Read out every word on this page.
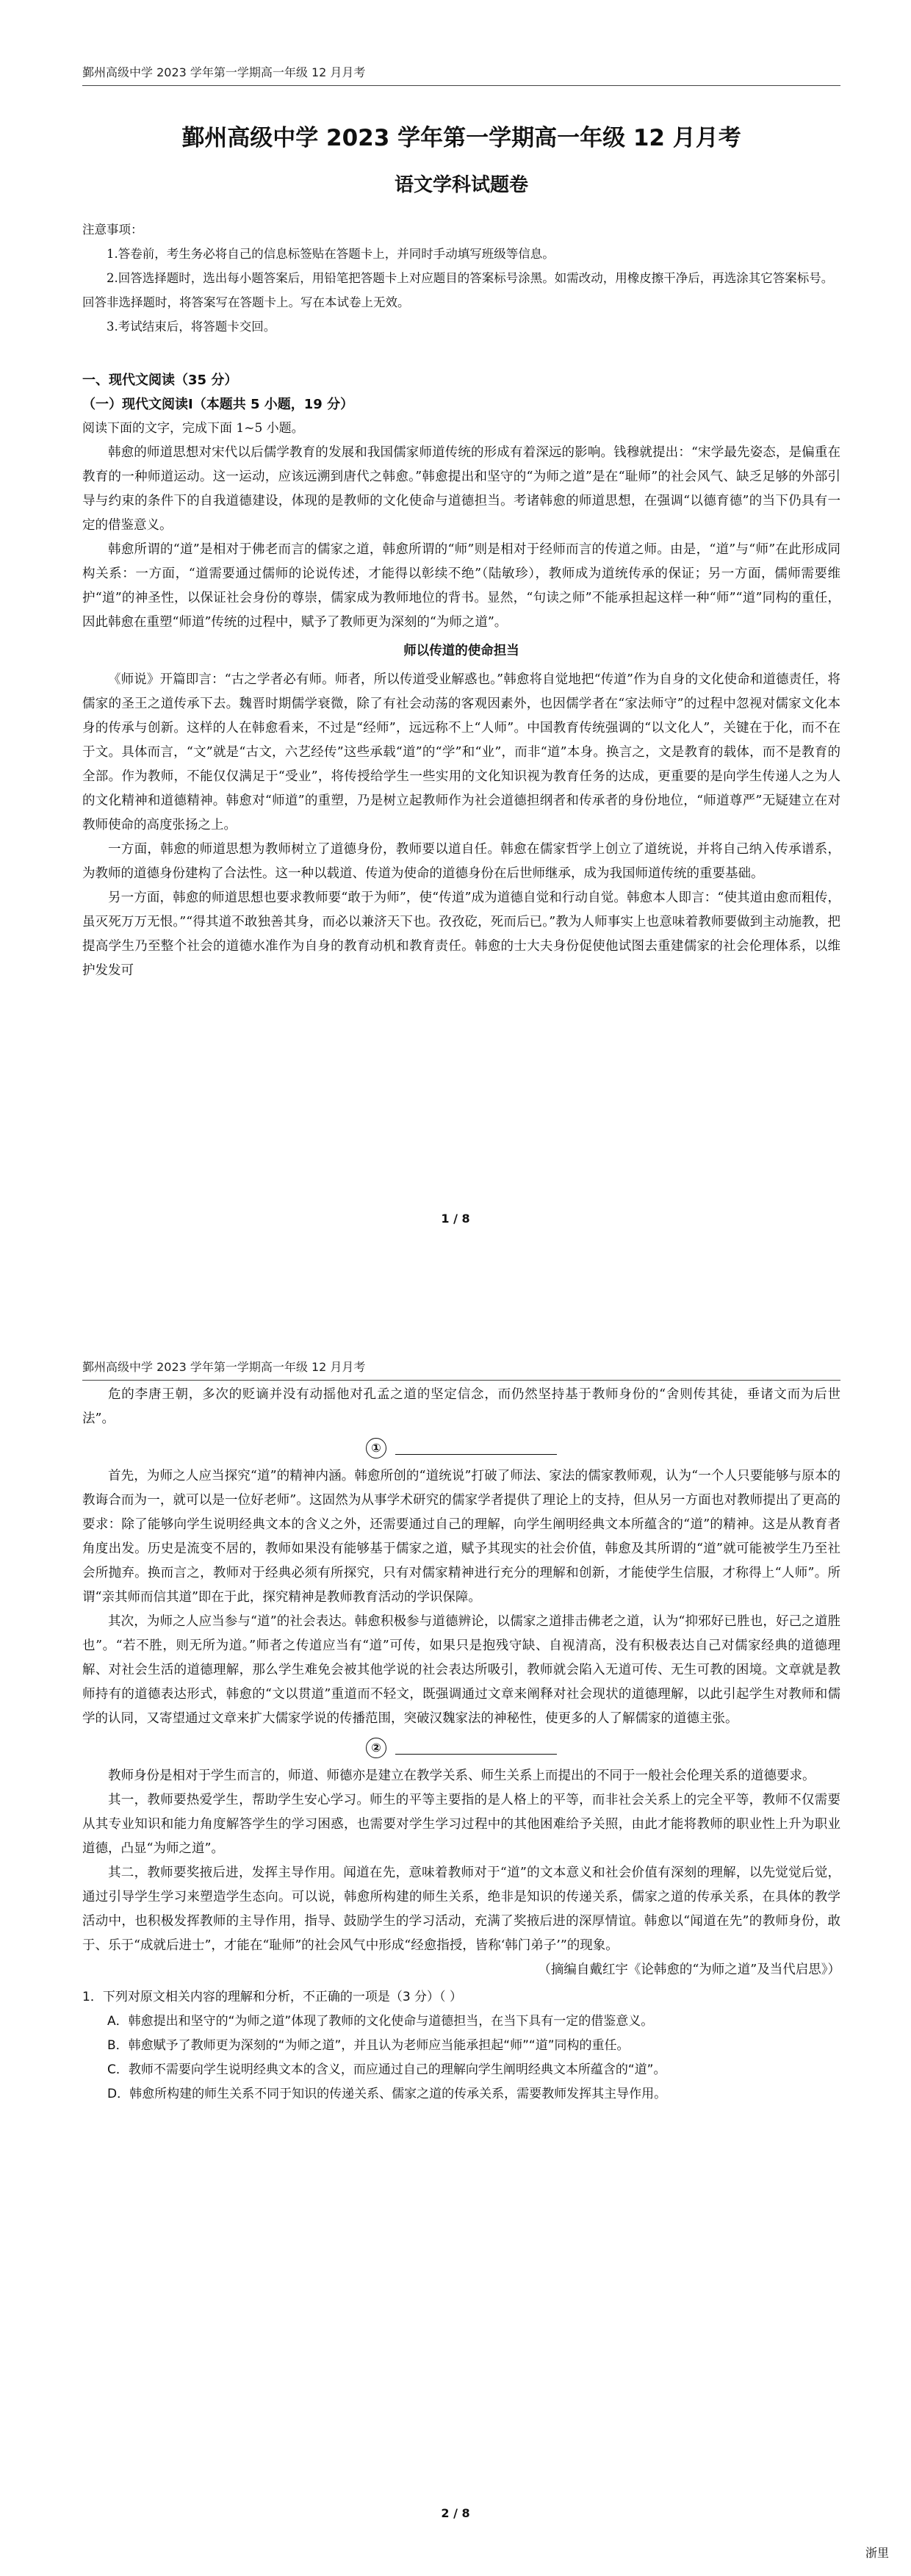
鄞州高级中学 2023 学年第一学期高一年级 12 月月考
鄞州高级中学 2023 学年第一学期高一年级 12 月月考
语文学科试题卷

注意事项：

1.答卷前，考生务必将自己的信息标签贴在答题卡上，并同时手动填写班级等信息。

2.回答选择题时，选出每小题答案后，用铅笔把答题卡上对应题目的答案标号涂黑。如需改动，用橡皮擦干净后，再选涂其它答案标号。回答非选择题时，将答案写在答题卡上。写在本试卷上无效。

3.考试结束后，将答题卡交回。

一、现代文阅读（35 分）
（一）现代文阅读Ⅰ（本题共 5 小题，19 分）

阅读下面的文字，完成下面 1~5 小题。

韩愈的师道思想对宋代以后儒学教育的发展和我国儒家师道传统的形成有着深远的影响。钱穆就提出：“宋学最先姿态，是偏重在教育的一种师道运动。这一运动，应该远溯到唐代之韩愈。”韩愈提出和坚守的“为师之道”是在“耻师”的社会风气、缺乏足够的外部引导与约束的条件下的自我道德建设，体现的是教师的文化使命与道德担当。考诸韩愈的师道思想，在强调“以德育德”的当下仍具有一定的借鉴意义。

韩愈所谓的“道”是相对于佛老而言的儒家之道，韩愈所谓的“师”则是相对于经师而言的传道之师。由是，“道”与“师”在此形成同构关系：一方面，“道需要通过儒师的论说传述，才能得以彰续不绝”（陆敏珍），教师成为道统传承的保证；另一方面，儒师需要维护“道”的神圣性，以保证社会身份的尊崇，儒家成为教师地位的背书。显然，“句读之师”不能承担起这样一种“师”“道”同构的重任，因此韩愈在重塑“师道”传统的过程中，赋予了教师更为深刻的“为师之道”。

师以传道的使命担当

《师说》开篇即言：“古之学者必有师。师者，所以传道受业解惑也。”韩愈将自觉地把“传道”作为自身的文化使命和道德责任，将儒家的圣王之道传承下去。魏晋时期儒学衰微，除了有社会动荡的客观因素外，也因儒学者在“家法师守”的过程中忽视对儒家文化本身的传承与创新。这样的人在韩愈看来，不过是“经师”，远远称不上“人师”。中国教育传统强调的“以文化人”，关键在于化，而不在于文。具体而言，“文”就是“古文，六艺经传”这些承载“道”的“学”和“业”，而非“道”本身。换言之，文是教育的载体，而不是教育的全部。作为教师，不能仅仅满足于“受业”，将传授给学生一些实用的文化知识视为教育任务的达成，更重要的是向学生传递人之为人的文化精神和道德精神。韩愈对“师道”的重塑，乃是树立起教师作为社会道德担纲者和传承者的身份地位，“师道尊严”无疑建立在对教师使命的高度张扬之上。

一方面，韩愈的师道思想为教师树立了道德身份，教师要以道自任。韩愈在儒家哲学上创立了道统说，并将自己纳入传承谱系，为教师的道德身份建构了合法性。这一种以载道、传道为使命的道德身份在后世师继承，成为我国师道传统的重要基础。

另一方面，韩愈的师道思想也要求教师要“敢于为师”，使“传道”成为道德自觉和行动自觉。韩愈本人即言：“使其道由愈而粗传，虽灭死万万无恨。”“得其道不敢独善其身，而必以兼济天下也。孜孜矻，死而后已。”教为人师事实上也意味着教师要做到主动施教，把提高学生乃至整个社会的道德水准作为自身的教育动机和教育责任。韩愈的士大夫身份促使他试图去重建儒家的社会伦理体系，以维护发发可

1 / 8
鄞州高级中学 2023 学年第一学期高一年级 12 月月考

危的李唐王朝，多次的贬谪并没有动摇他对孔孟之道的坚定信念，而仍然坚持基于教师身份的“舍则传其徒，垂诸文而为后世法”。

①

首先，为师之人应当探究“道”的精神内涵。韩愈所创的“道统说”打破了师法、家法的儒家教师观，认为“一个人只要能够与原本的教诲合而为一，就可以是一位好老师”。这固然为从事学术研究的儒家学者提供了理论上的支持，但从另一方面也对教师提出了更高的要求：除了能够向学生说明经典文本的含义之外，还需要通过自己的理解，向学生阐明经典文本所蕴含的“道”的精神。这是从教育者角度出发。历史是流变不居的，教师如果没有能够基于儒家之道，赋予其现实的社会价值，韩愈及其所谓的“道”就可能被学生乃至社会所抛弃。换而言之，教师对于经典必须有所探究，只有对儒家精神进行充分的理解和创新，才能使学生信服，才称得上“人师”。所谓“亲其师而信其道”即在于此，探究精神是教师教育活动的学识保障。

其次，为师之人应当参与“道”的社会表达。韩愈积极参与道德辨论，以儒家之道排击佛老之道，认为“抑邪好已胜也，好己之道胜也”。“若不胜，则无所为道。”师者之传道应当有“道”可传，如果只是抱残守缺、自视清高，没有积极表达自己对儒家经典的道德理解、对社会生活的道德理解，那么学生难免会被其他学说的社会表达所吸引，教师就会陷入无道可传、无生可教的困境。文章就是教师持有的道德表达形式，韩愈的“文以贯道”重道而不轻文，既强调通过文章来阐释对社会现状的道德理解，以此引起学生对教师和儒学的认同，又寄望通过文章来扩大儒家学说的传播范围，突破汉魏家法的神秘性，使更多的人了解儒家的道德主张。

②

教师身份是相对于学生而言的，师道、师德亦是建立在教学关系、师生关系上而提出的不同于一般社会伦理关系的道德要求。

其一，教师要热爱学生，帮助学生安心学习。师生的平等主要指的是人格上的平等，而非社会关系上的完全平等，教师不仅需要从其专业知识和能力角度解答学生的学习困惑，也需要对学生学习过程中的其他困难给予关照，由此才能将教师的职业性上升为职业道德，凸显“为师之道”。

其二，教师要奖掖后进，发挥主导作用。闻道在先，意味着教师对于“道”的文本意义和社会价值有深刻的理解，以先觉觉后觉，通过引导学生学习来塑造学生态向。可以说，韩愈所构建的师生关系，绝非是知识的传递关系，儒家之道的传承关系，在具体的教学活动中，也积极发挥教师的主导作用，指导、鼓励学生的学习活动，充满了奖掖后进的深厚情谊。韩愈以“闻道在先”的教师身份，敢于、乐于“成就后进士”，才能在“耻师”的社会风气中形成“经愈指授，皆称‘韩门弟子’”的现象。

（摘编自戴红宇《论韩愈的“为师之道”及当代启思》）

1．下列对原文相关内容的理解和分析，不正确的一项是（3 分）（ ）

A．韩愈提出和坚守的“为师之道”体现了教师的文化使命与道德担当，在当下具有一定的借鉴意义。

B．韩愈赋予了教师更为深刻的“为师之道”，并且认为老师应当能承担起“师”“道”同构的重任。

C．教师不需要向学生说明经典文本的含义，而应通过自己的理解向学生阐明经典文本所蕴含的“道”。

D．韩愈所构建的师生关系不同于知识的传递关系、儒家之道的传承关系，需要教师发挥其主导作用。

2 / 8
浙里
